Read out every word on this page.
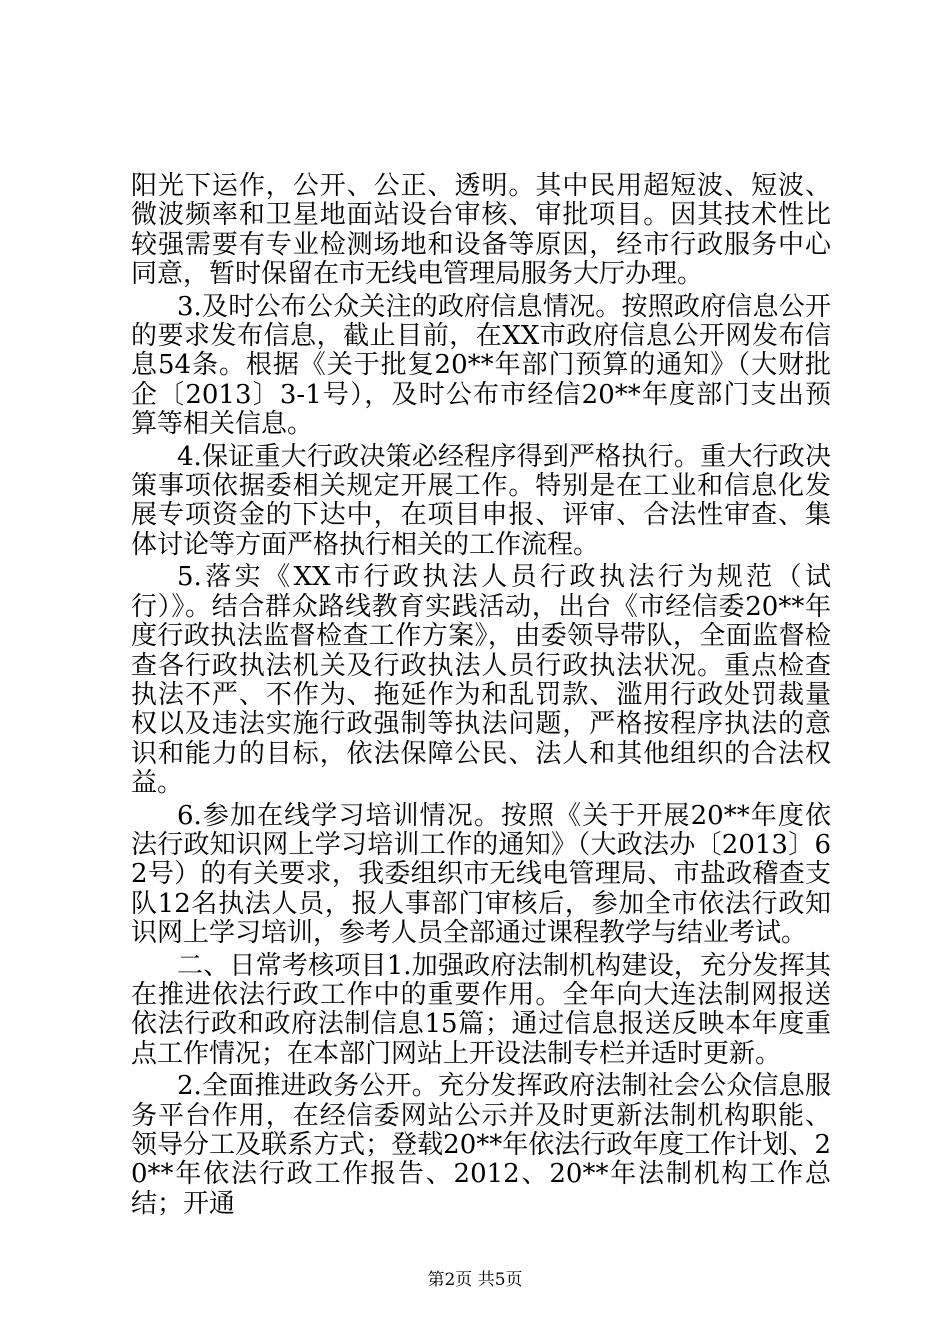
阳光下运作，公开、公正、透明。其中民用超短波、短波、微波频率和卫星地面站设台审核、审批项目。因其技术性比较强需要有专业检测场地和设备等原因，经市行政服务中心同意，暂时保留在市无线电管理局服务大厅办理。

3.及时公布公众关注的政府信息情况。按照政府信息公开的要求发布信息，截止目前，在XX市政府信息公开网发布信息54条。根据《关于批复20**年部门预算的通知》（大财批企〔2013〕3-1号），及时公布市经信20**年度部门支出预算等相关信息。

4.保证重大行政决策必经程序得到严格执行。重大行政决策事项依据委相关规定开展工作。特别是在工业和信息化发展专项资金的下达中，在项目申报、评审、合法性审查、集体讨论等方面严格执行相关的工作流程。

5.落实《XX市行政执法人员行政执法行为规范（试行）》。结合群众路线教育实践活动，出台《市经信委20**年度行政执法监督检查工作方案》，由委领导带队，全面监督检查各行政执法机关及行政执法人员行政执法状况。重点检查执法不严、不作为、拖延作为和乱罚款、滥用行政处罚裁量权以及违法实施行政强制等执法问题，严格按程序执法的意识和能力的目标，依法保障公民、法人和其他组织的合法权益。

6.参加在线学习培训情况。按照《关于开展20**年度依法行政知识网上学习培训工作的通知》（大政法办〔2013〕62号）的有关要求，我委组织市无线电管理局、市盐政稽查支队12名执法人员，报人事部门审核后，参加全市依法行政知识网上学习培训，参考人员全部通过课程教学与结业考试。

二、日常考核项目1.加强政府法制机构建设，充分发挥其在推进依法行政工作中的重要作用。全年向大连法制网报送依法行政和政府法制信息15篇；通过信息报送反映本年度重点工作情况；在本部门网站上开设法制专栏并适时更新。

2.全面推进政务公开。充分发挥政府法制社会公众信息服务平台作用，在经信委网站公示并及时更新法制机构职能、领导分工及联系方式；登载20**年依法行政年度工作计划、20**年依法行政工作报告、2012、20**年法制机构工作总结；开通

第2页 共5页
